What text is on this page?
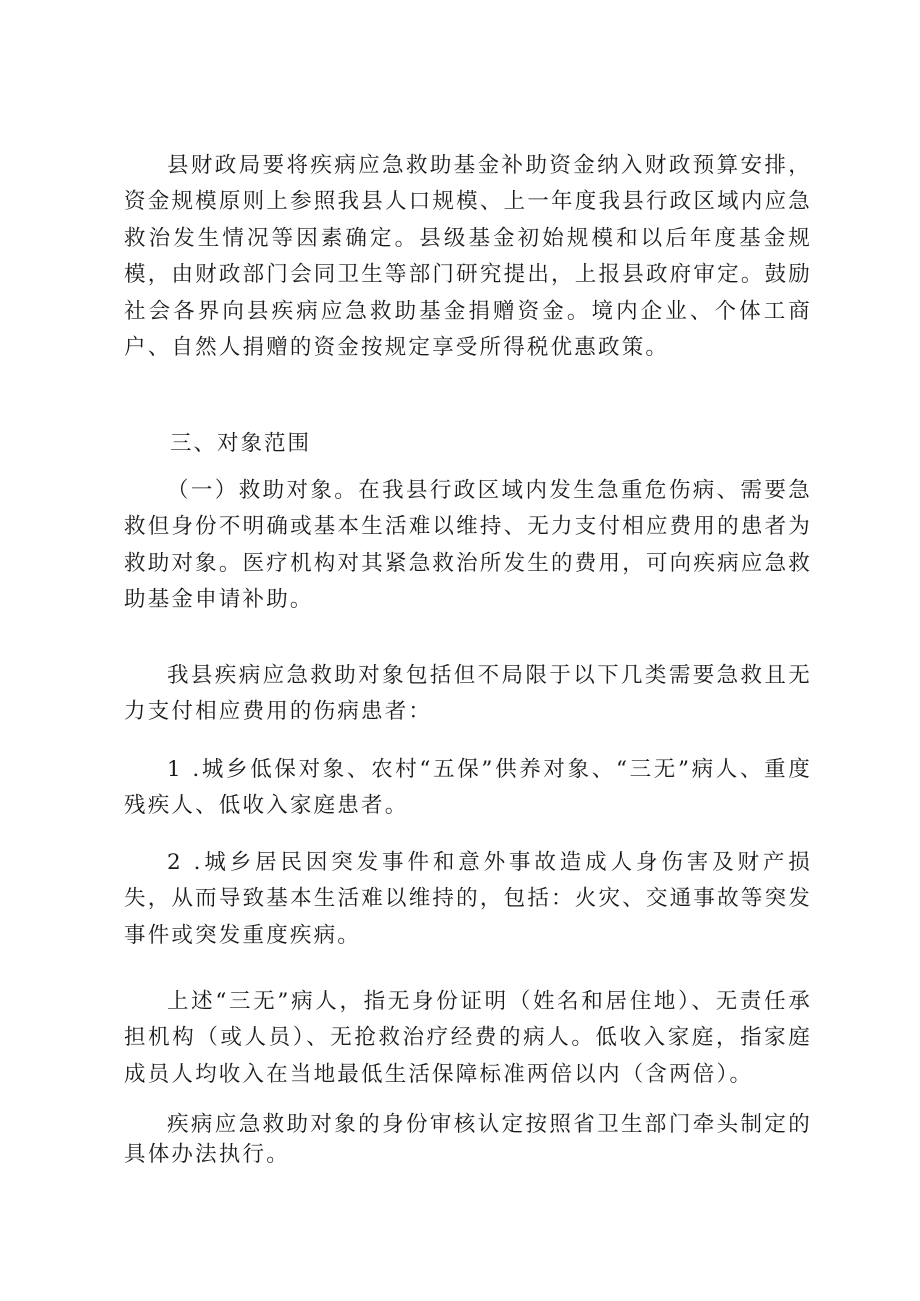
县财政局要将疾病应急救助基金补助资金纳入财政预算安排，资金规模原则上参照我县人口规模、上一年度我县行政区域内应急救治发生情况等因素确定。县级基金初始规模和以后年度基金规模，由财政部门会同卫生等部门研究提出，上报县政府审定。鼓励社会各界向县疾病应急救助基金捐赠资金。境内企业、个体工商户、自然人捐赠的资金按规定享受所得税优惠政策。

三、对象范围

（一）救助对象。在我县行政区域内发生急重危伤病、需要急救但身份不明确或基本生活难以维持、无力支付相应费用的患者为救助对象。医疗机构对其紧急救治所发生的费用，可向疾病应急救助基金申请补助。

我县疾病应急救助对象包括但不局限于以下几类需要急救且无力支付相应费用的伤病患者：

1 .城乡低保对象、农村“五保”供养对象、“三无”病人、重度残疾人、低收入家庭患者。

2 .城乡居民因突发事件和意外事故造成人身伤害及财产损失，从而导致基本生活难以维持的，包括：火灾、交通事故等突发事件或突发重度疾病。

上述“三无”病人，指无身份证明（姓名和居住地）、无责任承担机构（或人员）、无抢救治疗经费的病人。低收入家庭，指家庭成员人均收入在当地最低生活保障标准两倍以内（含两倍）。

疾病应急救助对象的身份审核认定按照省卫生部门牵头制定的具体办法执行。
